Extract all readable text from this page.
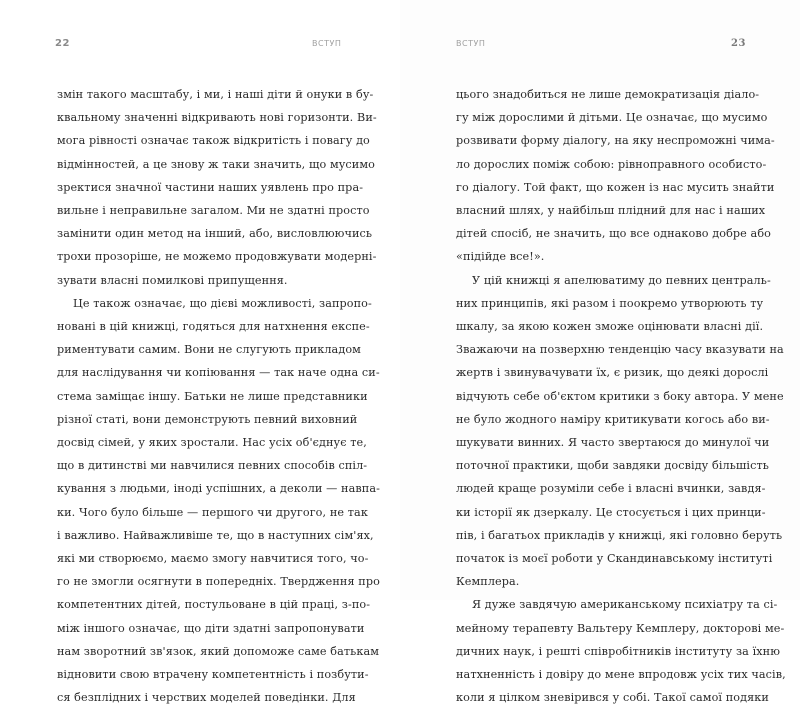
22	ВСТУП
змін такого масштабу, і ми, і наші діти й онуки в бу-
квальному значенні відкривають нові горизонти. Ви-
мога рівності означає також відкритість і повагу до
відмінностей, а це знову ж таки значить, що мусимо
зректися значної частини наших уявлень про пра-
вильне і неправильне загалом. Ми не здатні просто
замінити один метод на інший, або, висловлюючись
трохи прозоріше, не можемо продовжувати модерні-
зувати власні помилкові припущення.
Це також означає, що дієві можливості, запропо-
новані в цій книжці, годяться для натхнення експе-
риментувати самим. Вони не слугують прикладом
для наслідування чи копіювання — так наче одна си-
стема заміщає іншу. Батьки не лише представники
різної статі, вони демонструють певний виховний
досвід сімей, у яких зростали. Нас усіх об'єднує те,
що в дитинстві ми навчилися певних способів спіл-
кування з людьми, іноді успішних, а деколи — навпа-
ки. Чого було більше — першого чи другого, не так
і важливо. Найважливіше те, що в наступних сім'ях,
які ми створюємо, маємо змогу навчитися того, чо-
го не змогли осягнути в попередніх. Твердження про
компетентних дітей, постульоване в цій праці, з-по-
між іншого означає, що діти здатні запропонувати
нам зворотний зв'язок, який допоможе саме батькам
відновити свою втрачену компетентність і позбути-
ся безплідних і черствих моделей поведінки. Для
ВСТУП	23
цього знадобиться не лише демократизація діало-
гу між дорослими й дітьми. Це означає, що мусимо
розвивати форму діалогу, на яку неспроможні чима-
ло дорослих поміж собою: рівноправного особисто-
го діалогу. Той факт, що кожен із нас мусить знайти
власний шлях, у найбільш плідний для нас і наших
дітей спосіб, не значить, що все однаково добре або
«підійде все!».
У цій книжці я апелюватиму до певних централь-
них принципів, які разом і поокремо утворюють ту
шкалу, за якою кожен зможе оцінювати власні дії.
Зважаючи на позверхню тенденцію часу вказувати на
жертв і звинувачувати їх, є ризик, що деякі дорослі
відчують себе об'єктом критики з боку автора. У мене
не було жодного наміру критикувати когось або ви-
шукувати винних. Я часто звертаюся до минулої чи
поточної практики, щоби завдяки досвіду більшість
людей краще розуміли себе і власні вчинки, завдя-
ки історії як дзеркалу. Це стосується і цих принци-
пів, і багатьох прикладів у книжці, які головно беруть
початок із моєї роботи у Скандинавському інституті
Кемплера.
Я дуже завдячую американському психіатру та сі-
мейному терапевту Вальтеру Кемплеру, докторові ме-
дичних наук, і решті співробітників інституту за їхню
натхненність і довіру до мене впродовж усіх тих часів,
коли я цілком зневірився у собі. Такої самої подяки
